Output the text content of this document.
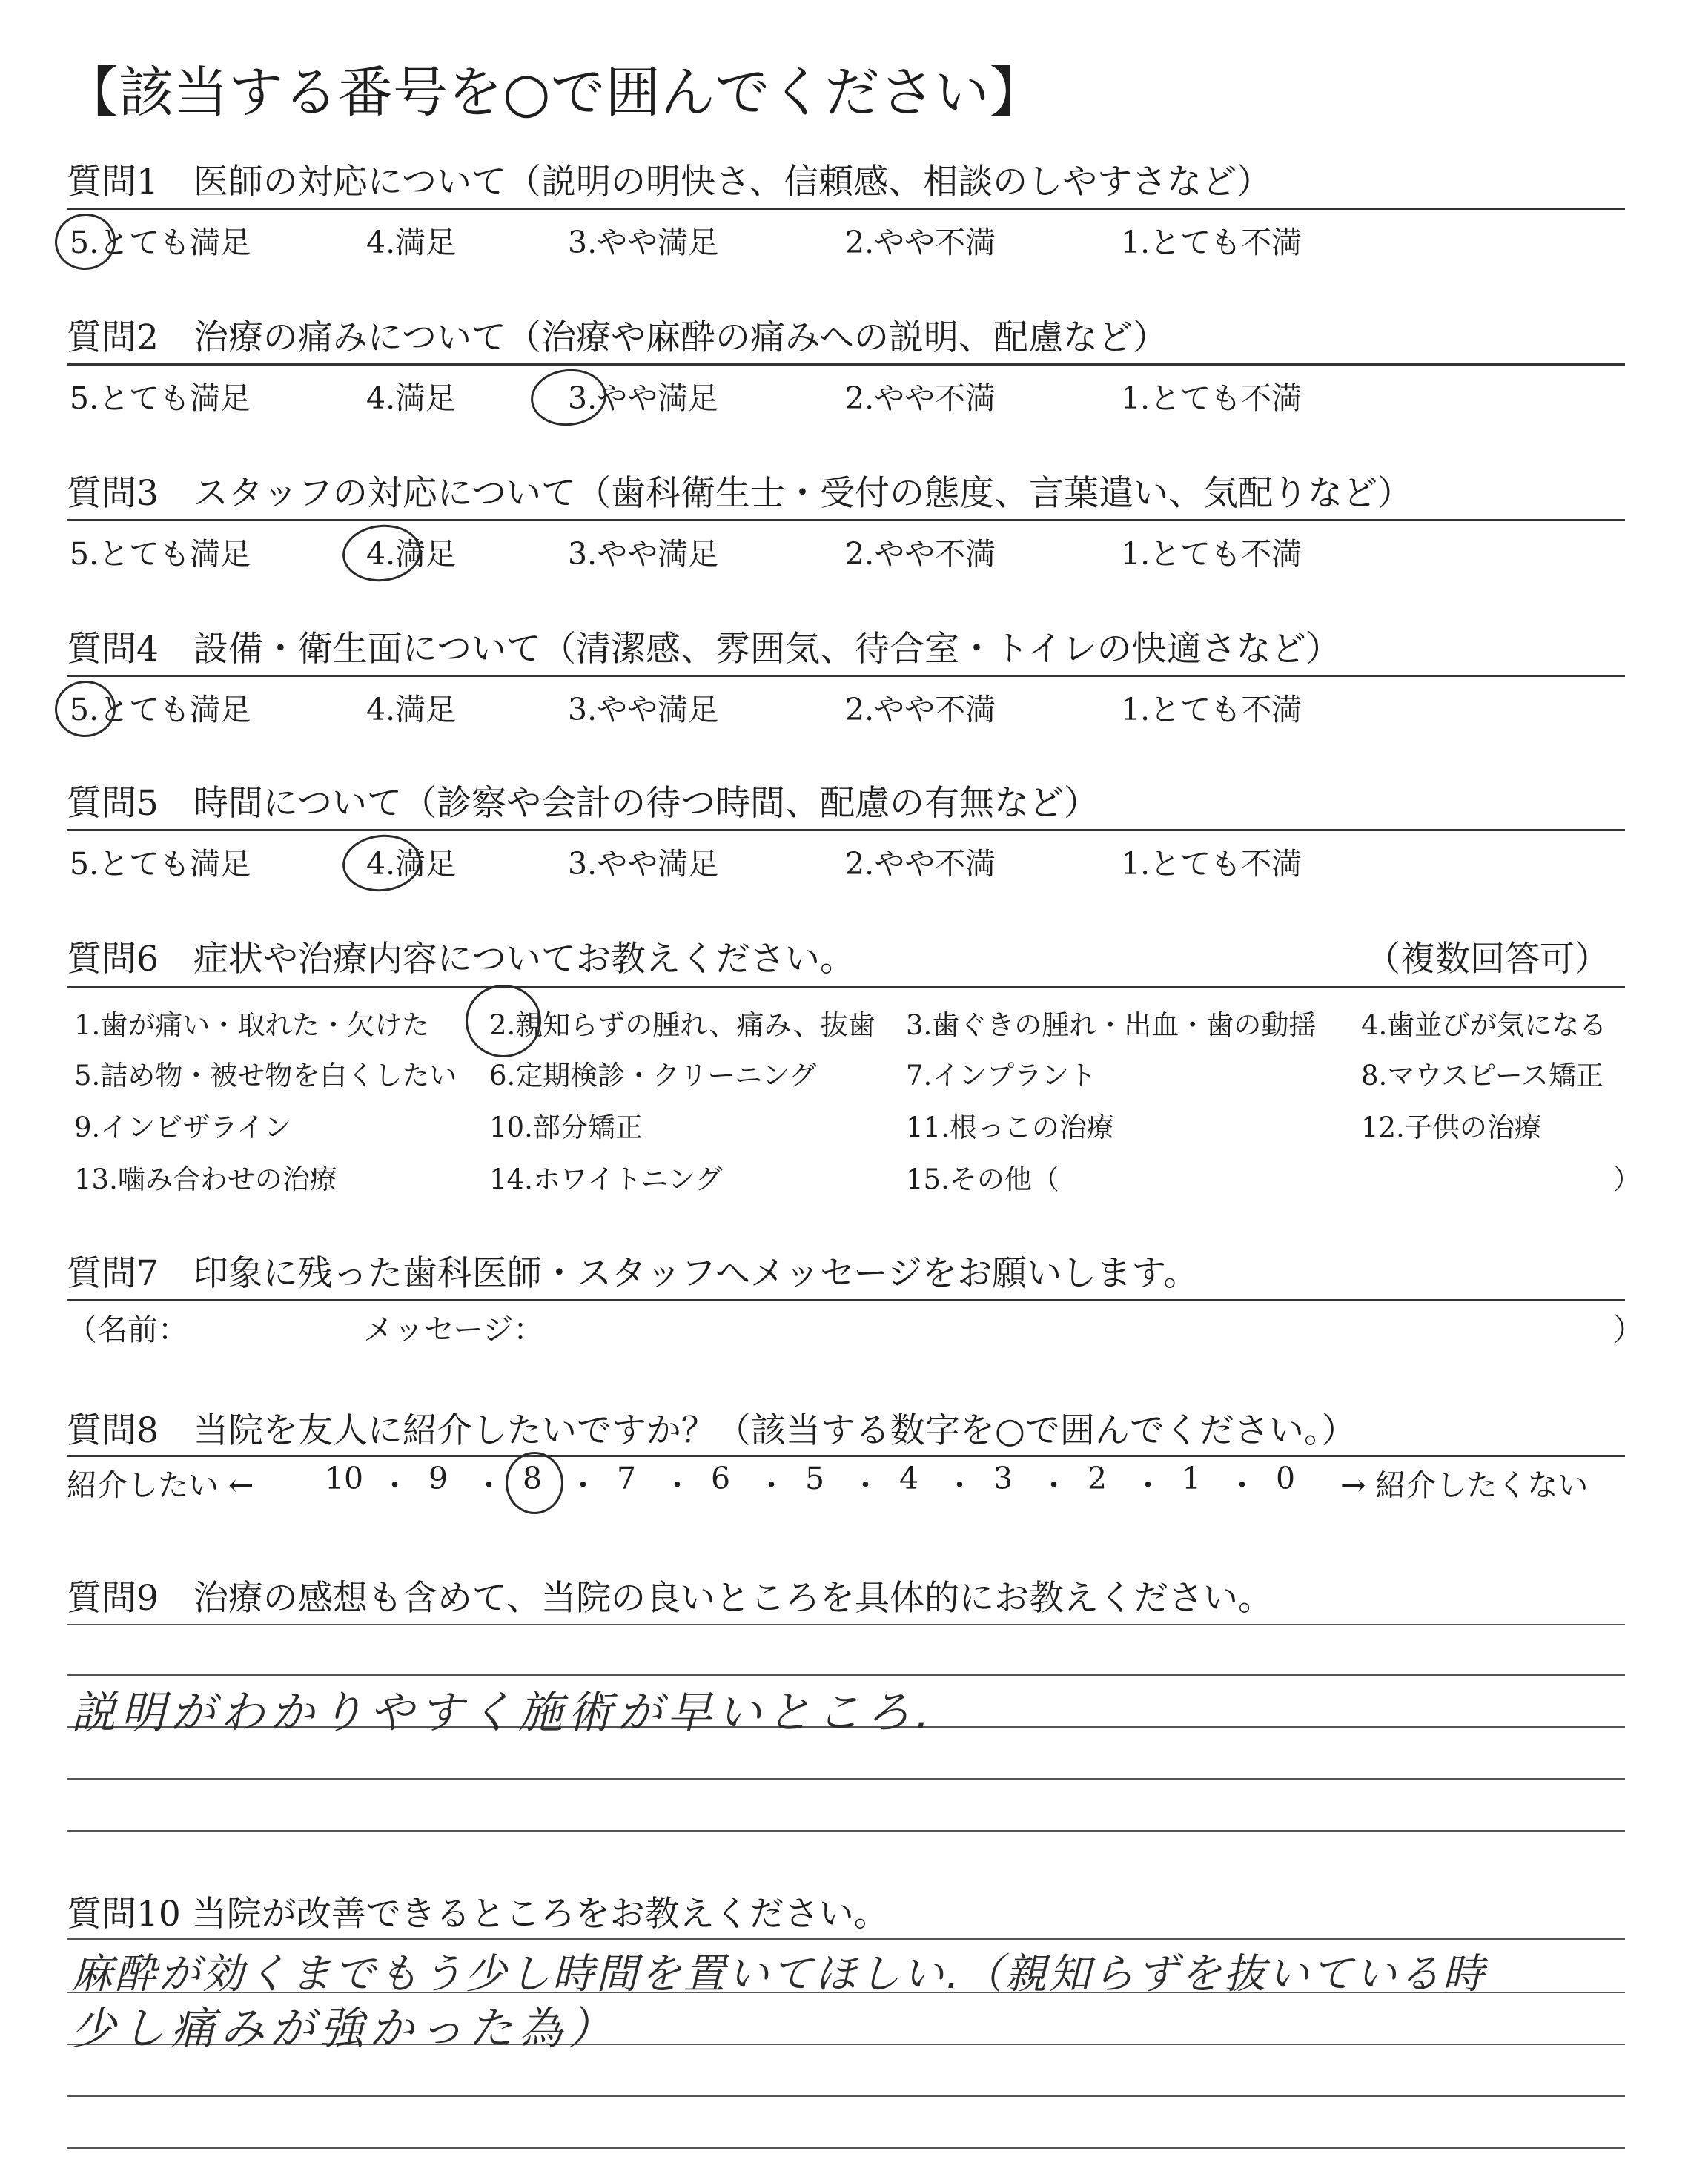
【該当する番号を○で囲んでください】
質問1　医師の対応について（説明の明快さ、信頼感、相談のしやすさなど）
5.とても満足	4.満足	3.やや満足	2.やや不満	1.とても不満
質問2　治療の痛みについて（治療や麻酔の痛みへの説明、配慮など）
5.とても満足	4.満足	3.やや満足	2.やや不満	1.とても不満
質問3　スタッフの対応について（歯科衛生士・受付の態度、言葉遣い、気配りなど）
5.とても満足	4.満足	3.やや満足	2.やや不満	1.とても不満
質問4　設備・衛生面について（清潔感、雰囲気、待合室・トイレの快適さなど）
5.とても満足	4.満足	3.やや満足	2.やや不満	1.とても不満
質問5　時間について（診察や会計の待つ時間、配慮の有無など）
5.とても満足	4.満足	3.やや満足	2.やや不満	1.とても不満
質問6　症状や治療内容についてお教えください。	（複数回答可）
1.歯が痛い・取れた・欠けた 2.親知らずの腫れ、痛み、抜歯 3.歯ぐきの腫れ・出血・歯の動揺 4.歯並びが気になる
5.詰め物・被せ物を白くしたい 6.定期検診・クリーニング	7.インプラント	8.マウスピース矯正
9.インビザライン	10.部分矯正	11.根っこの治療	12.子供の治療
13.噛み合わせの治療	14.ホワイトニング	15.その他（	）
質問7　印象に残った歯科医師・スタッフへメッセージをお願いします。
（名前：	メッセージ：	）
質問8　当院を友人に紹介したいですか？（該当する数字を○で囲んでください。）
紹介したい ← 10 ・ 9 ・ 8 ・ 7 ・ 6 ・ 5 ・ 4 ・ 3 ・ 2 ・ 1 ・ 0	→ 紹介したくない
質問9　治療の感想も含めて、当院の良いところを具体的にお教えください。
説明がわかりやすく施術が早いところ.
質問10 当院が改善できるところをお教えください。
麻酔が効くまでもう少し時間を置いてほしい.（親知らずを抜いている時
少し痛みが強かった為）
